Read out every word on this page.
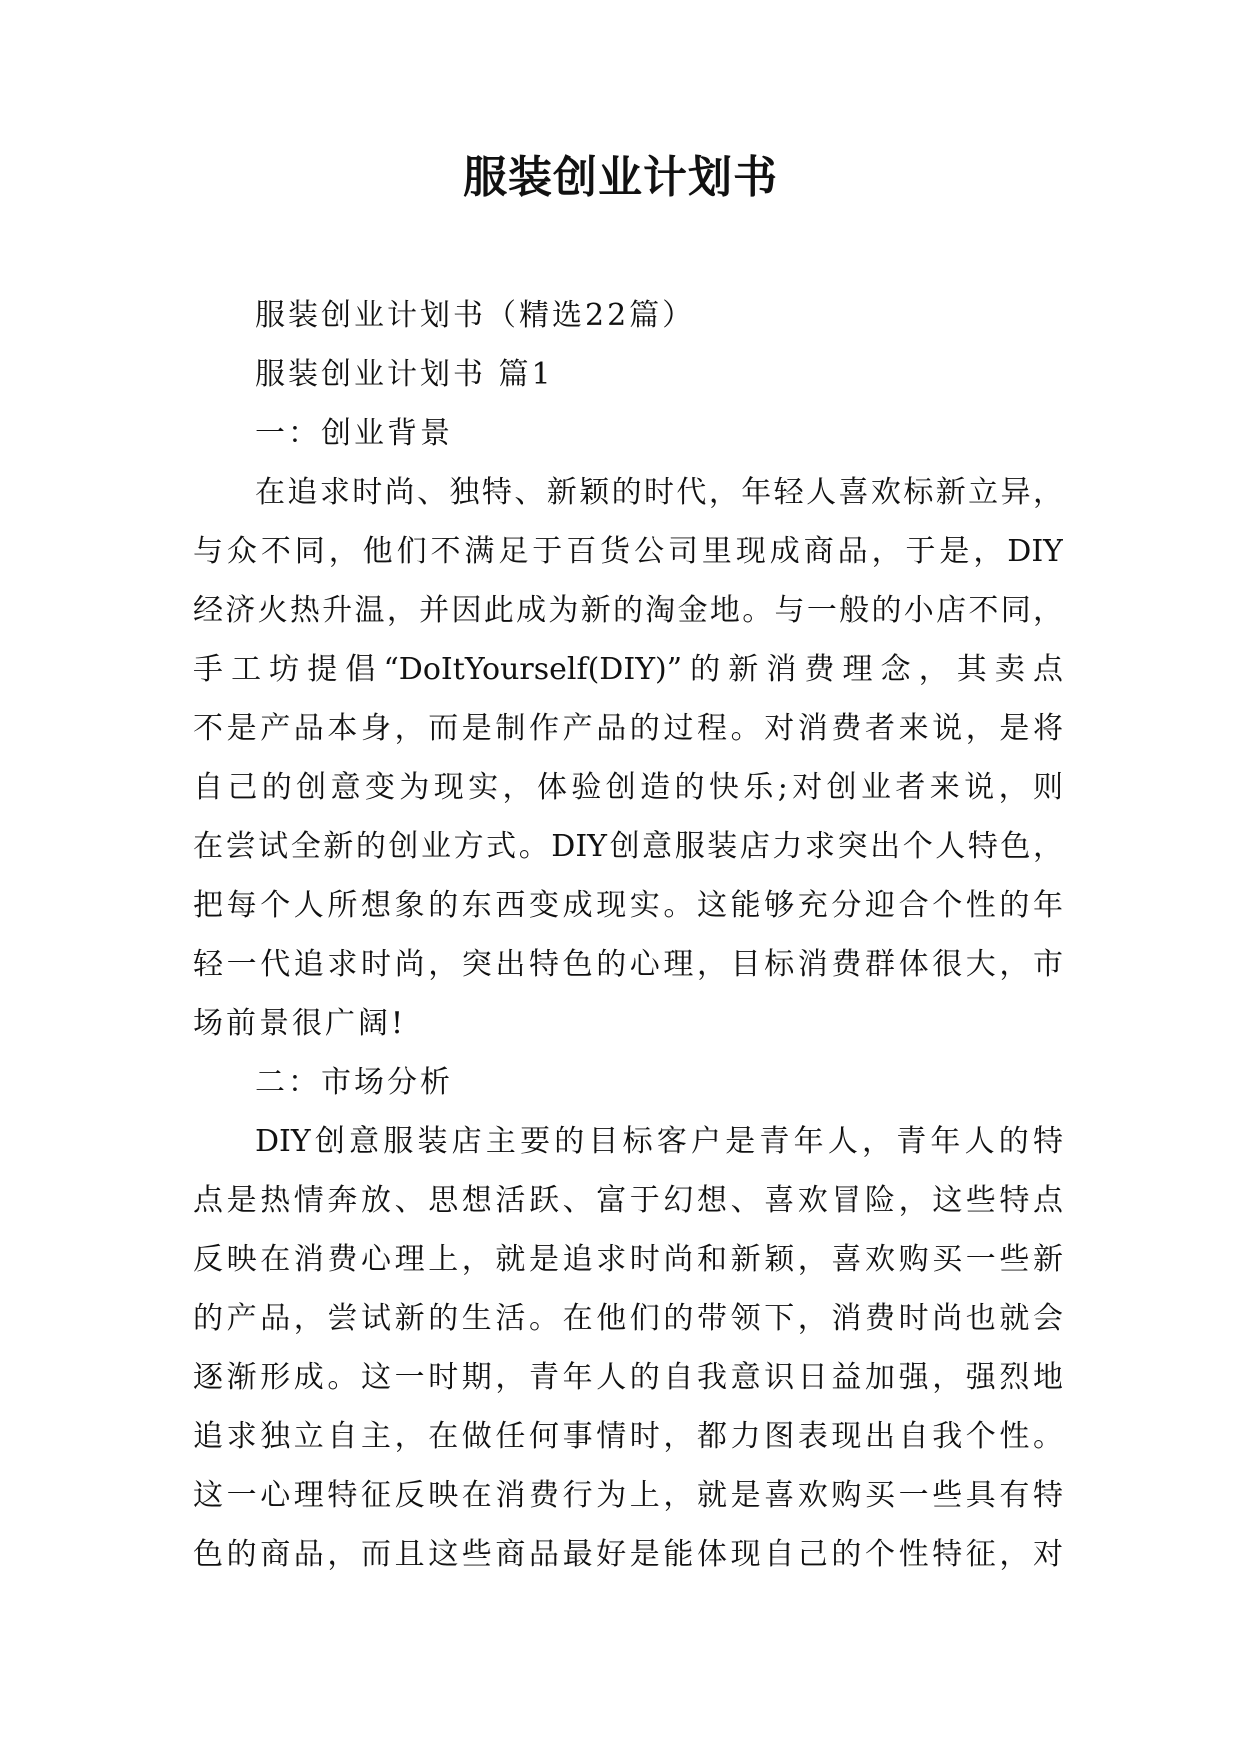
服装创业计划书
服装创业计划书（精选22篇）
服装创业计划书 篇1
一：创业背景
在追求时尚、独特、新颖的时代，年轻人喜欢标新立异，
与众不同，他们不满足于百货公司里现成商品，于是，DIY
经济火热升温，并因此成为新的淘金地。与一般的小店不同，
手工坊提倡“DoItYourself(DIY)”的新消费理念，其卖点
不是产品本身，而是制作产品的过程。对消费者来说，是将
自己的创意变为现实，体验创造的快乐;对创业者来说，则
在尝试全新的创业方式。DIY创意服装店力求突出个人特色，
把每个人所想象的东西变成现实。这能够充分迎合个性的年
轻一代追求时尚，突出特色的心理，目标消费群体很大，市
场前景很广阔!
二：市场分析
DIY创意服装店主要的目标客户是青年人，青年人的特
点是热情奔放、思想活跃、富于幻想、喜欢冒险，这些特点
反映在消费心理上，就是追求时尚和新颖，喜欢购买一些新
的产品，尝试新的生活。在他们的带领下，消费时尚也就会
逐渐形成。这一时期，青年人的自我意识日益加强，强烈地
追求独立自主，在做任何事情时，都力图表现出自我个性。
这一心理特征反映在消费行为上，就是喜欢购买一些具有特
色的商品，而且这些商品最好是能体现自己的个性特征，对
